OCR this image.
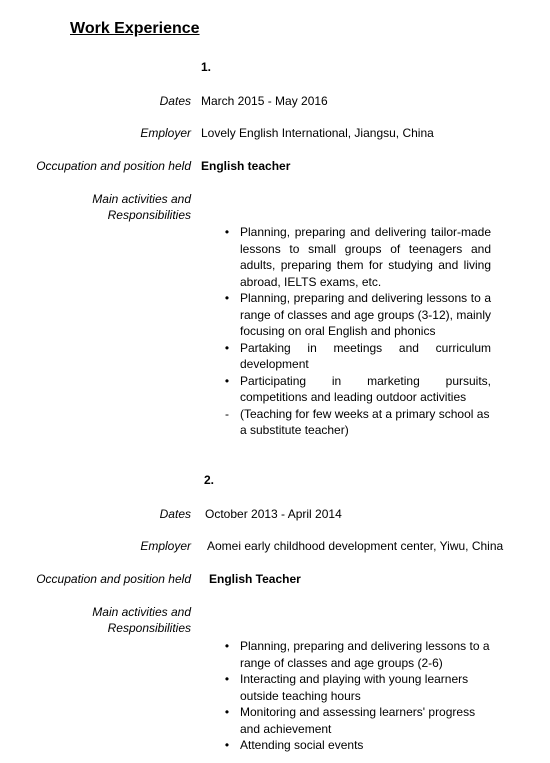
Work Experience
1.
Dates March 2015 - May 2016
Employer Lovely English International, Jiangsu, China
Occupation and position held English teacher
Main activities and Responsibilities
• Planning, preparing and delivering tailor-made lessons to small groups of teenagers and adults, preparing them for studying and living abroad, IELTS exams, etc.
• Planning, preparing and delivering lessons to a range of classes and age groups (3-12), mainly focusing on oral English and phonics
• Partaking in meetings and curriculum development
• Participating in marketing pursuits, competitions and leading outdoor activities
- (Teaching for few weeks at a primary school as a substitute teacher)
2.
Dates October 2013 - April 2014
Employer Aomei early childhood development center, Yiwu, China
Occupation and position held English Teacher
Main activities and Responsibilities
• Planning, preparing and delivering lessons to a range of classes and age groups (2-6)
• Interacting and playing with young learners outside teaching hours
• Monitoring and assessing learners' progress and achievement
• Attending social events
